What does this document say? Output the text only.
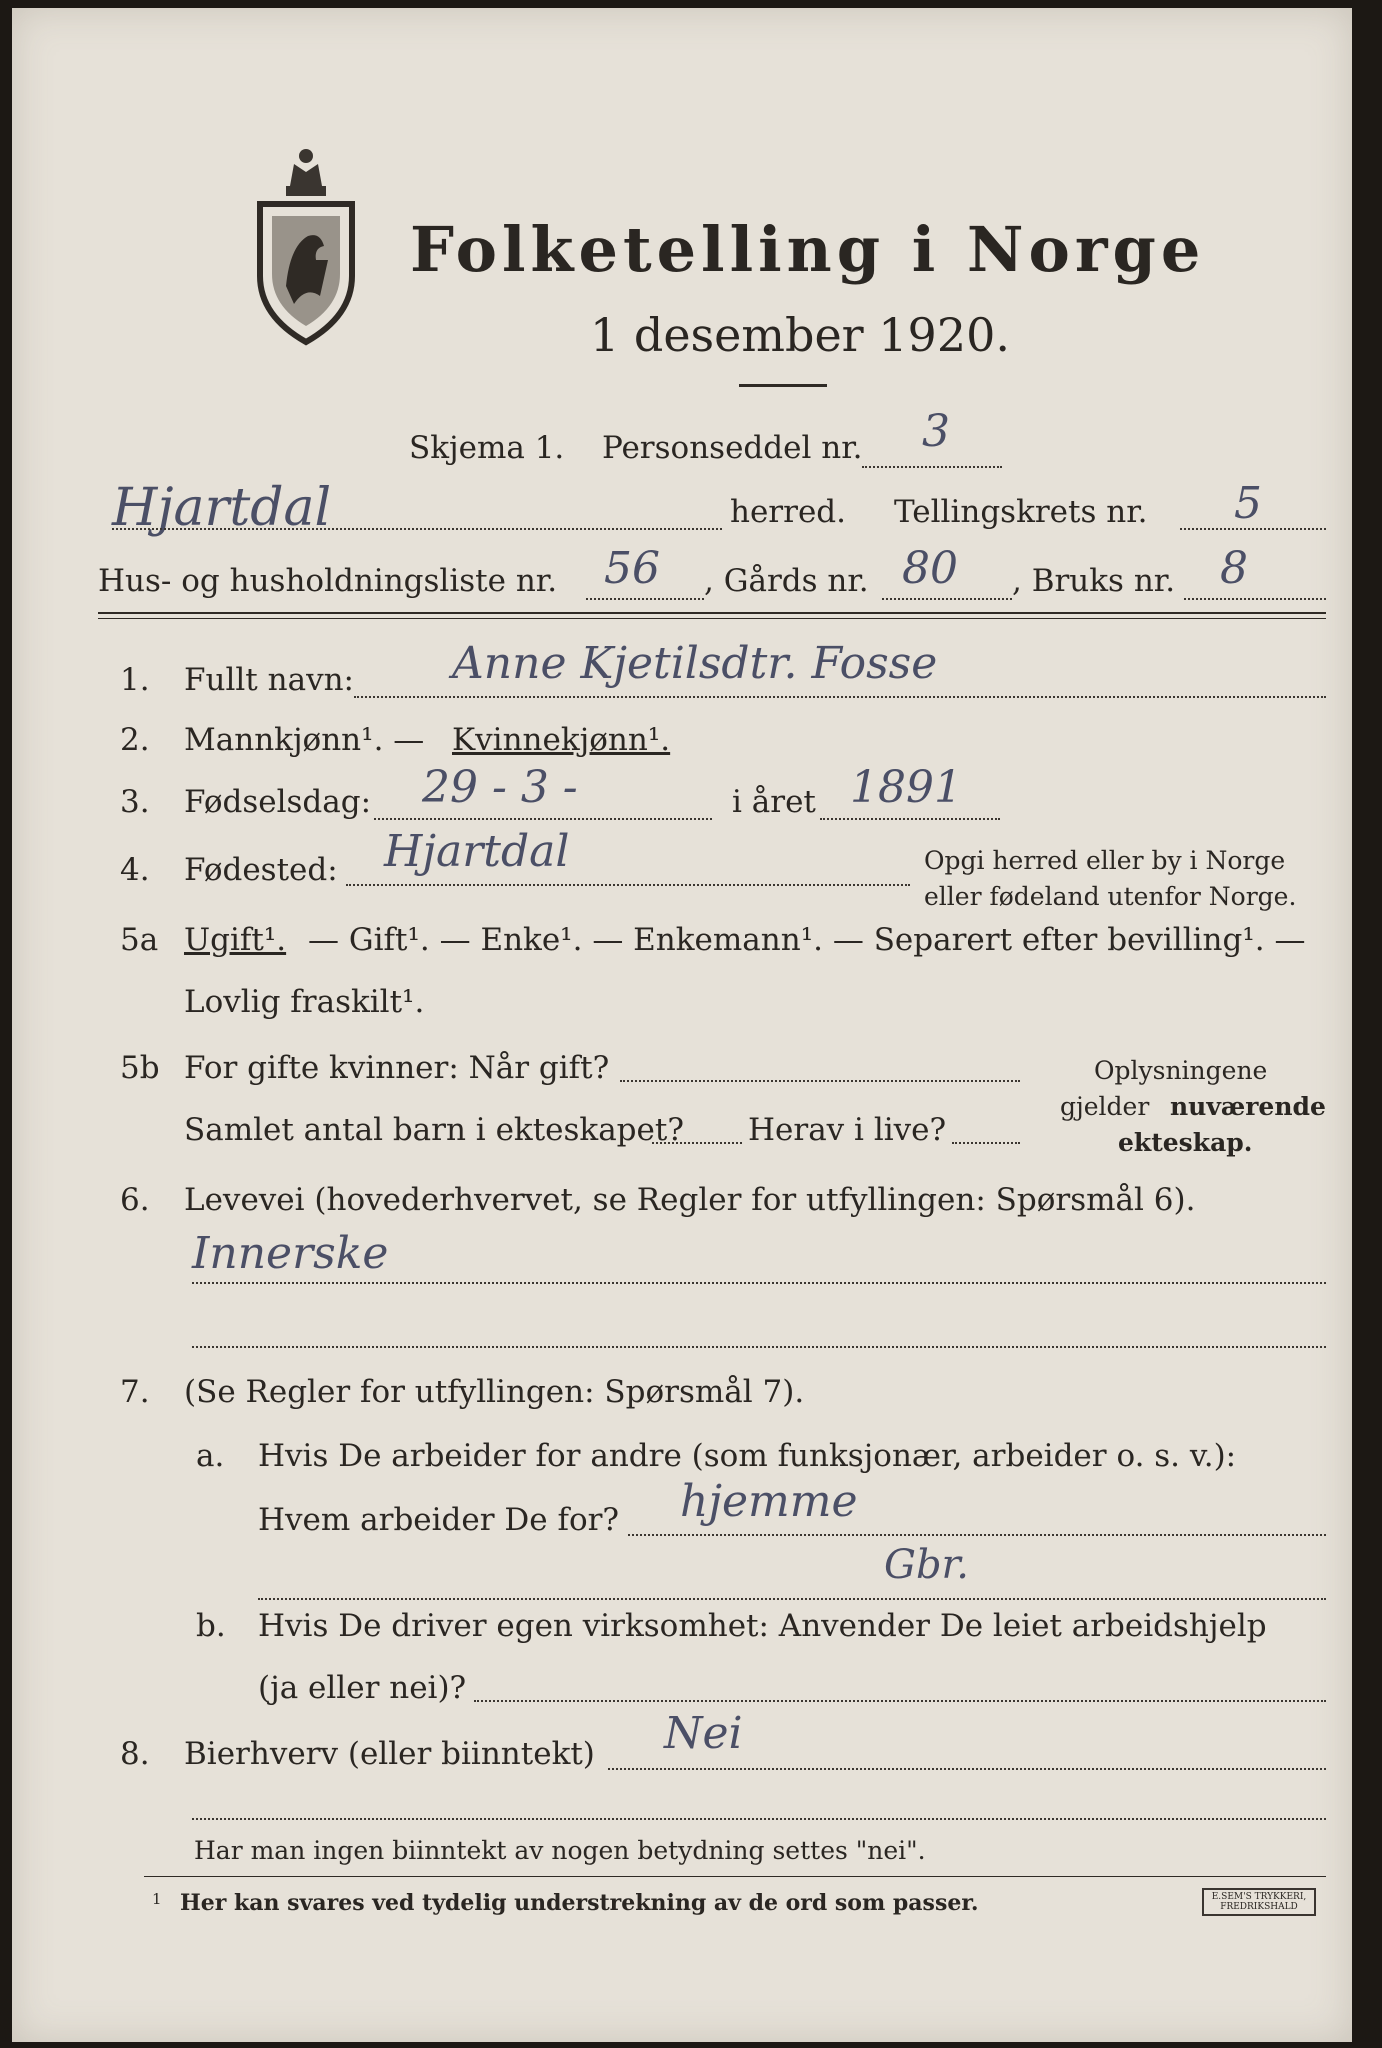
Folketelling i Norge
1 desember 1920.
Skjema 1. Personseddel nr. 3
Hjartdal	herred. Tellingskrets nr. 5
Hus- og husholdningsliste nr. 56 , Gårds nr. 80 , Bruks nr. 8
1. Fullt navn: Anne Kjetilsdtr. Fosse
2. Mannkjønn¹. — Kvinnekjønn¹.
3. Fødselsdag: 29 - 3 -	i året 1891
4. Fødested: Hjartdal	Opgi herred eller by i Norge
eller fødeland utenfor Norge.
5a Ugift¹. — Gift¹. — Enke¹. — Enkemann¹. — Separert efter bevilling¹. —
Lovlig fraskilt¹.
5b For gifte kvinner: Når gift?
Samlet antal barn i ekteskapet? Herav i live?
Oplysningene
gjelder nuværende
ekteskap.
6. Levevei (hovederhvervet, se Regler for utfyllingen: Spørsmål 6).
Innerske
7. (Se Regler for utfyllingen: Spørsmål 7).
a. Hvis De arbeider for andre (som funksjonær, arbeider o. s. v.):
Hvem arbeider De for? hjemme
Gbr.
b. Hvis De driver egen virksomhet: Anvender De leiet arbeidshjelp
(ja eller nei)?
8. Bierhverv (eller biinntekt) Nei
Har man ingen biinntekt av nogen betydning settes "nei".
1 Her kan svares ved tydelig understrekning av de ord som passer.	E.SEM'S TRYKKERI, FREDRIKSHALD
